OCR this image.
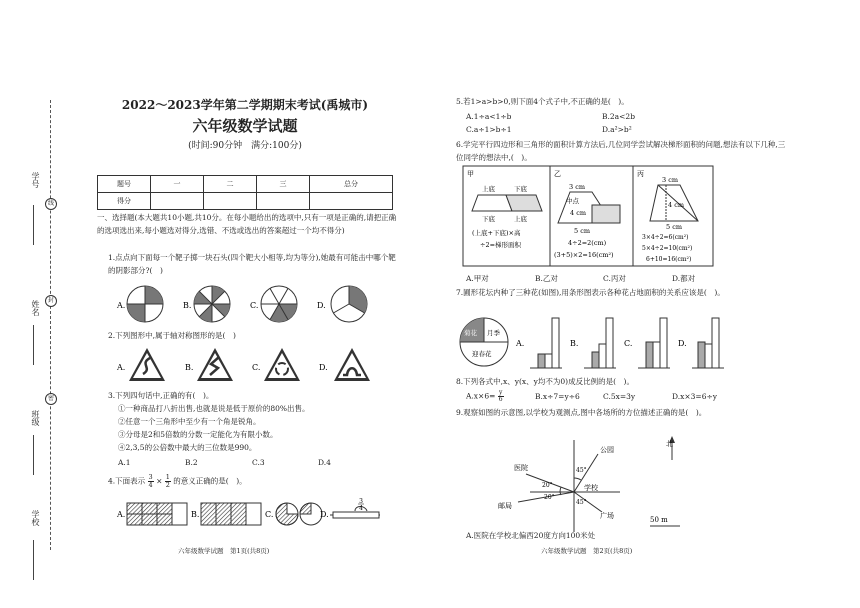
学号
线
姓名	封
班级
密
学校
2022～2023学年第二学期期末考试(禹城市)
六年级数学试题
(时间:90分钟　满分:100分)
题号	一	二	三	总分
得分				
一、选择题(本大题共10小题,共10分。在每小题给出的选项中,只有一项是正确的,请把正确的选项选出来,每小题选对得分,选错、不选或选出的答案超过一个均不得分)
1.点点向下面每一个靶子掷一块石头(四个靶大小相等,均为等分),她最有可能击中哪个靶的阴影部分?(　)
A.	B.	C.	D.
2.下列图形中,属于轴对称图形的是(　)
A.	B.	C.	D.
3.下列四句话中,正确的有(　)。
①一种商品打八折出售,也就是说是低于原价的80%出售。
②任意一个三角形中至少有一个角是锐角。
③分母是2和5倍数的分数一定能化为有限小数。
④2,3,5的公倍数中最大的三位数是990。
A.1	B.2	C.3	D.4
4.下面表示 $\frac{3}{4} \times \frac{1}{2}$ 的意义正确的是(　)。
A.	B.	C.	D.
3
4
六年级数学试题　第1页(共8页)
5.若1>a>b>0,则下面4个式子中,不正确的是(　)。
A.1÷a<1÷b	B.2a<2b
C.a÷1>b÷1	D.a²>b²
6.学完平行四边形和三角形的面积计算方法后,几位同学尝试解决梯形面积的问题,想法有以下几种,三位同学的想法中,(　)。
甲
上底	下底
下底	上底
(上底+下底)×高
÷2=梯形面积
乙
3 cm
中点
4 cm
5 cm
4÷2=2(cm)
(3+5)×2=16(cm²)
丙
3 cm
4 cm
5 cm
3×4÷2=6(cm²)
5×4÷2=10(cm²)
6+10=16(cm²)
A.甲对	B.乙对	C.丙对	D.都对
7.圃形花坛内种了三种花(如图),用条形图表示各种花占地面积的关系应该是(　)。
菊花 月季
迎春花
A.	B.	C.	D.
8.下列各式中,x、y(x、y均不为0)成反比例的是(　)。
$A.x\times 6= \frac{y}{6}$	B.x÷7=y÷6	C.5x=3y	D.x×3=6÷y
9.观察如图的示意图,以学校为观测点,图中各场所的方位描述正确的是(　)。
北
公园
医院
学校
邮局
广场
45°
20°
20°
45°
50 m
A.医院在学校北偏西20度方向100米处
六年级数学试题　第2页(共8页)
